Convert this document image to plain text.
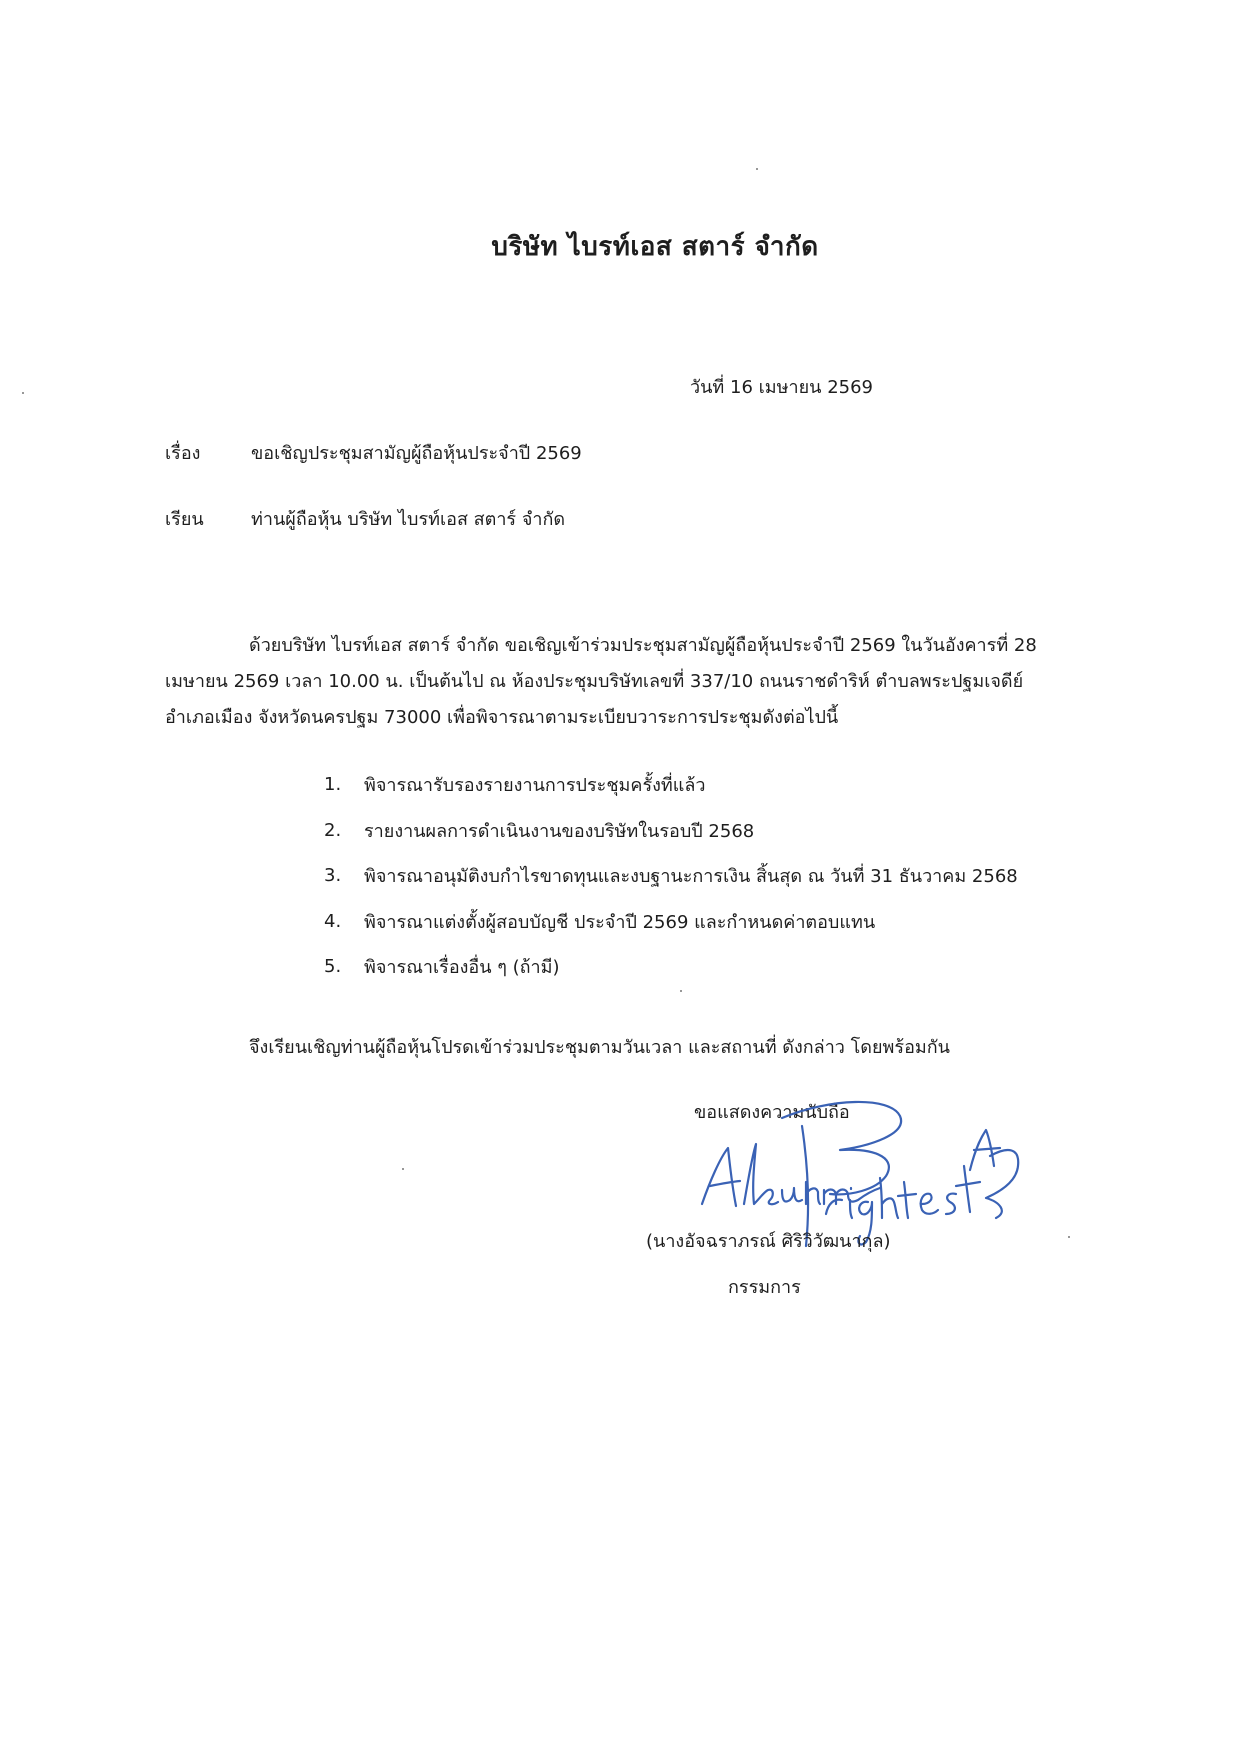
บริษัท ไบรท์เอส สตาร์ จำกัด
วันที่ 16 เมษายน 2569
เรื่อง	ขอเชิญประชุมสามัญผู้ถือหุ้นประจำปี 2569
เรียน	ท่านผู้ถือหุ้น บริษัท ไบรท์เอส สตาร์ จำกัด
ด้วยบริษัท ไบรท์เอส สตาร์ จำกัด ขอเชิญเข้าร่วมประชุมสามัญผู้ถือหุ้นประจำปี 2569 ในวันอังคารที่ 28
เมษายน 2569 เวลา 10.00 น. เป็นต้นไป ณ ห้องประชุมบริษัทเลขที่ 337/10 ถนนราชดำริห์ ตำบลพระปฐมเจดีย์
อำเภอเมือง จังหวัดนครปฐม 73000 เพื่อพิจารณาตามระเบียบวาระการประชุมดังต่อไปนี้
1.	พิจารณารับรองรายงานการประชุมครั้งที่แล้ว
2.	รายงานผลการดำเนินงานของบริษัทในรอบปี 2568
3.	พิจารณาอนุมัติงบกำไรขาดทุนและงบฐานะการเงิน สิ้นสุด ณ วันที่ 31 ธันวาคม 2568
4.	พิจารณาแต่งตั้งผู้สอบบัญชี ประจำปี 2569 และกำหนดค่าตอบแทน
5.	พิจารณาเรื่องอื่น ๆ (ถ้ามี)
จึงเรียนเชิญท่านผู้ถือหุ้นโปรดเข้าร่วมประชุมตามวันเวลา และสถานที่ ดังกล่าว โดยพร้อมกัน
ขอแสดงความนับถือ
(นางอัจฉราภรณ์ ศิริวิวัฒนากุล)
กรรมการ
